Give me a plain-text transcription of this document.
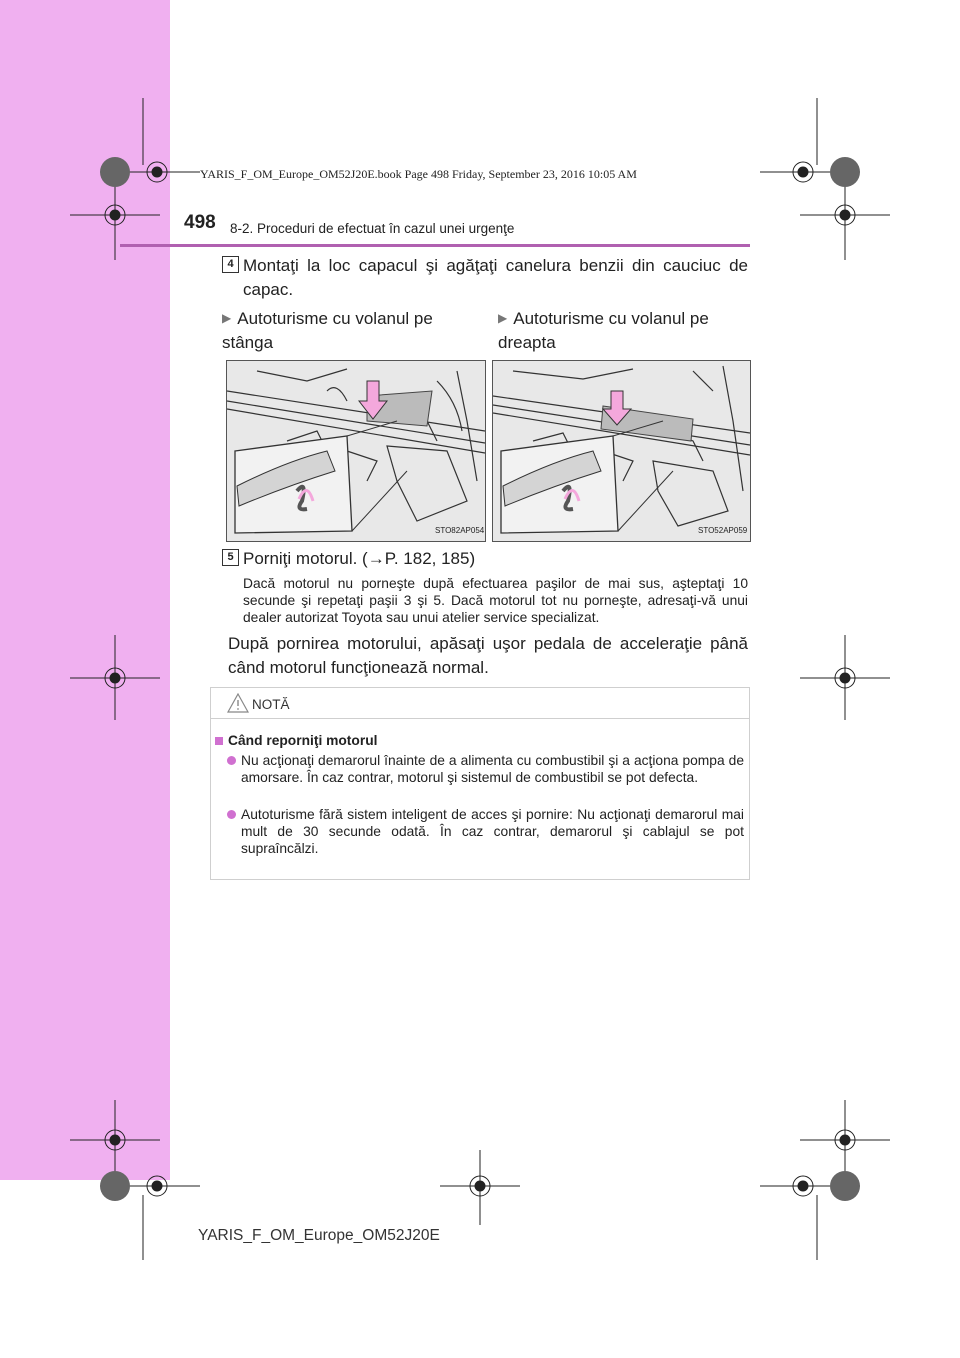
YARIS_F_OM_Europe_OM52J20E.book Page 498 Friday, September 23, 2016 10:05 AM
498 8-2. Proceduri de efectuat în cazul unei urgenţe
4 Montaţi la loc capacul şi agăţaţi canelura benzii din cauciuc de capac.
▶ Autoturisme cu volanul pe stânga
▶ Autoturisme cu volanul pe dreapta
STO82AP054	STO52AP059
5 Porniţi motorul. (→P. 182, 185)
Dacă motorul nu porneşte după efectuarea paşilor de mai sus, aşteptaţi 10 secunde şi repetaţi paşii 3 şi 5. Dacă motorul tot nu porneşte, adresaţi-vă unui dealer autorizat Toyota sau unui atelier service specializat.
După pornirea motorului, apăsaţi uşor pedala de acceleraţie până când motorul funcţionează normal.
NOTĂ
Când reporniţi motorul
Nu acţionaţi demarorul înainte de a alimenta cu combustibil şi a acţiona pompa de amorsare. În caz contrar, motorul şi sistemul de combustibil se pot defecta.
Autoturisme fără sistem inteligent de acces şi pornire: Nu acţionaţi demarorul mai mult de 30 secunde odată. În caz contrar, demarorul şi cablajul se pot supraîncălzi.
YARIS_F_OM_Europe_OM52J20E
